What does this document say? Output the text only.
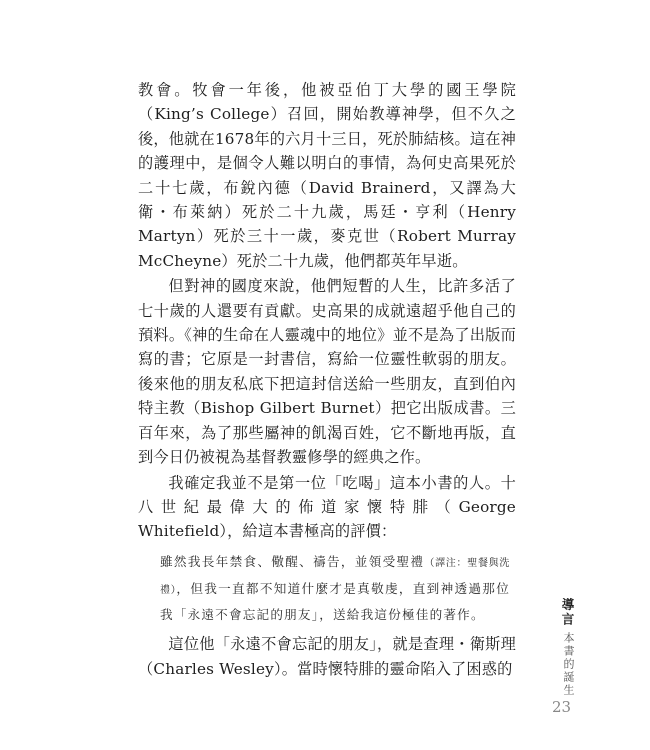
教會。牧會一年後，他被亞伯丁大學的國王學院（King’s College）召回，開始教導神學，但不久之後，他就在1678年的六月十三日，死於肺結核。這在神的護理中，是個令人難以明白的事情，為何史高果死於二十七歲，布銳內德（David Brainerd，又譯為大衛・布萊納）死於二十九歲，馬廷・亨利（Henry Martyn）死於三十一歲，麥克世（Robert Murray McCheyne）死於二十九歲，他們都英年早逝。

但對神的國度來說，他們短暫的人生，比許多活了七十歲的人還要有貢獻。史高果的成就遠超乎他自己的預料。《神的生命在人靈魂中的地位》並不是為了出版而寫的書；它原是一封書信，寫給一位靈性軟弱的朋友。後來他的朋友私底下把這封信送給一些朋友，直到伯內特主教（Bishop Gilbert Burnet）把它出版成書。三百年來，為了那些屬神的飢渴百姓，它不斷地再版，直到今日仍被視為基督教靈修學的經典之作。

我確定我並不是第一位「吃喝」這本小書的人。十八世紀最偉大的佈道家懷特腓（George Whitefield），給這本書極高的評價：

雖然我長年禁食、儆醒、禱告，並領受聖禮（譯注：聖餐與洗禮），但我一直都不知道什麼才是真敬虔，直到神透過那位我「永遠不會忘記的朋友」，送給我這份極佳的著作。

這位他「永遠不會忘記的朋友」，就是查理・衛斯理（Charles Wesley）。當時懷特腓的靈命陷入了困惑的

導言
本書的誕生
23
